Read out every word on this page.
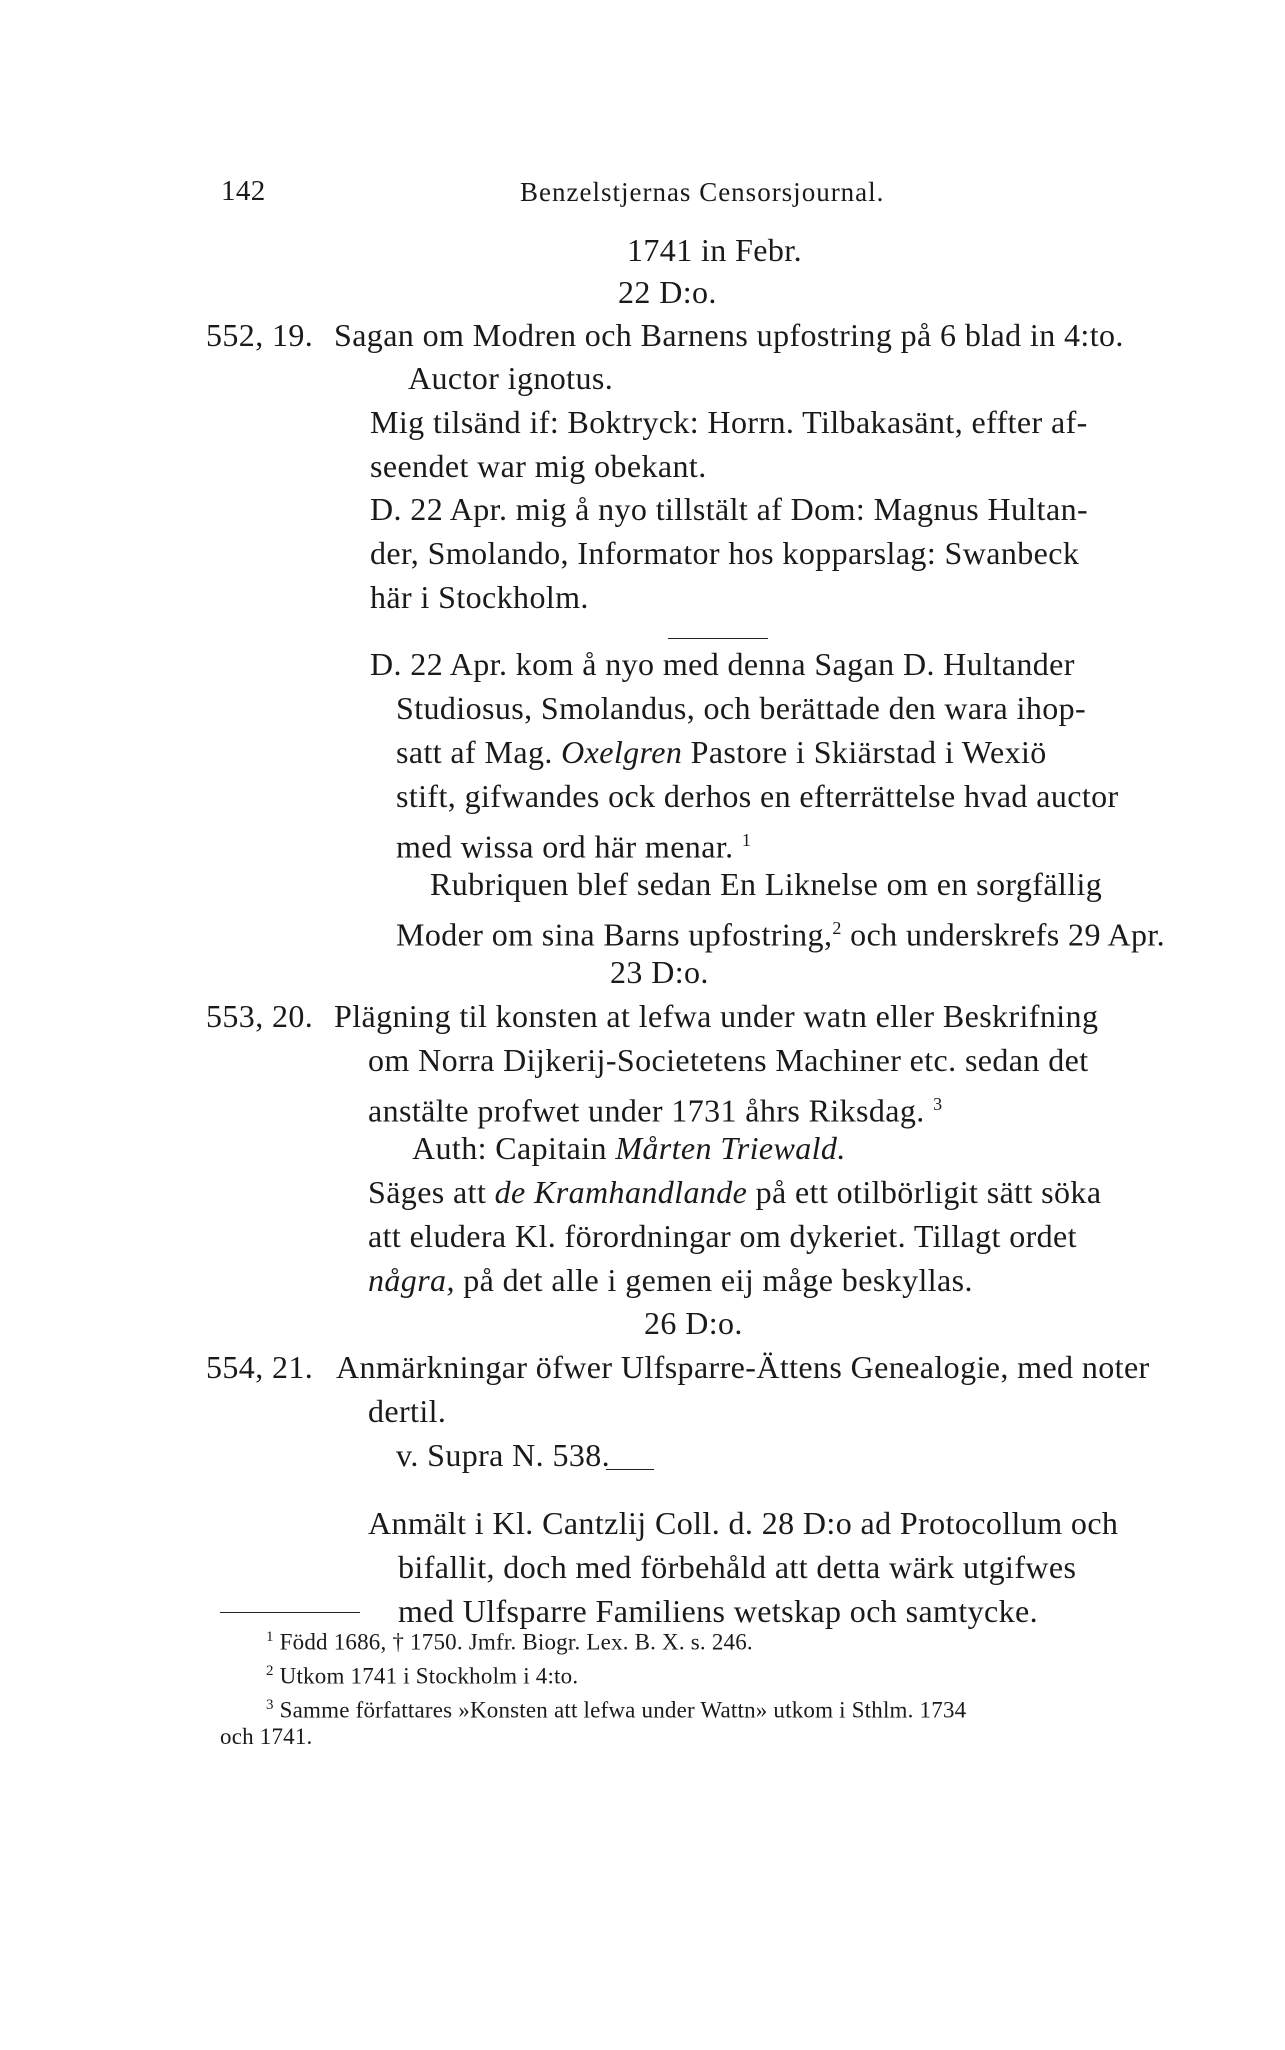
142	Benzelstjernas Censorsjournal.
1741 in Febr.
22 D:o.
552, 19. Sagan om Modren och Barnens upfostring på 6 blad in 4:to.
Auctor ignotus.
Mig tilsänd if: Boktryck: Horrn. Tilbakasänt, effter af-
seendet war mig obekant.
D. 22 Apr. mig å nyo tillstält af Dom: Magnus Hultan-
der, Smolando, Informator hos kopparslag: Swanbeck
här i Stockholm.
D. 22 Apr. kom å nyo med denna Sagan D. Hultander
Studiosus, Smolandus, och berättade den wara ihop-
satt af Mag. Oxelgren Pastore i Skiärstad i Wexiö
stift, gifwandes ock derhos en efterrättelse hvad auctor
med wissa ord här menar. $^1$
Rubriquen blef sedan En Liknelse om en sorgfällig
Moder om sina Barns upfostring,$^2$ och underskrefs 29 Apr.
23 D:o.
553, 20. Plägning til konsten at lefwa under watn eller Beskrifning
om Norra Dijkerij-Societetens Machiner etc. sedan det
anstälte profwet under 1731 åhrs Riksdag. $^3$
Auth: Capitain Mårten Triewald.
Säges att de Kramhandlande på ett otilbörligit sätt söka
att eludera Kl. förordningar om dykeriet. Tillagt ordet
några, på det alle i gemen eij måge beskyllas.
26 D:o.
554, 21. Anmärkningar öfwer Ulfsparre-Ättens Genealogie, med noter
dertil.
v. Supra N. 538.
Anmält i Kl. Cantzlij Coll. d. 28 D:o ad Protocollum och
bifallit, doch med förbehåld att detta wärk utgifwes
med Ulfsparre Familiens wetskap och samtycke.
$^1$ Född 1686, † 1750. Jmfr. Biogr. Lex. B. X. s. 246.
$^2$ Utkom 1741 i Stockholm i 4:to.
$^3$ Samme författares »Konsten att lefwa under Wattn» utkom i Sthlm. 1734
och 1741.
